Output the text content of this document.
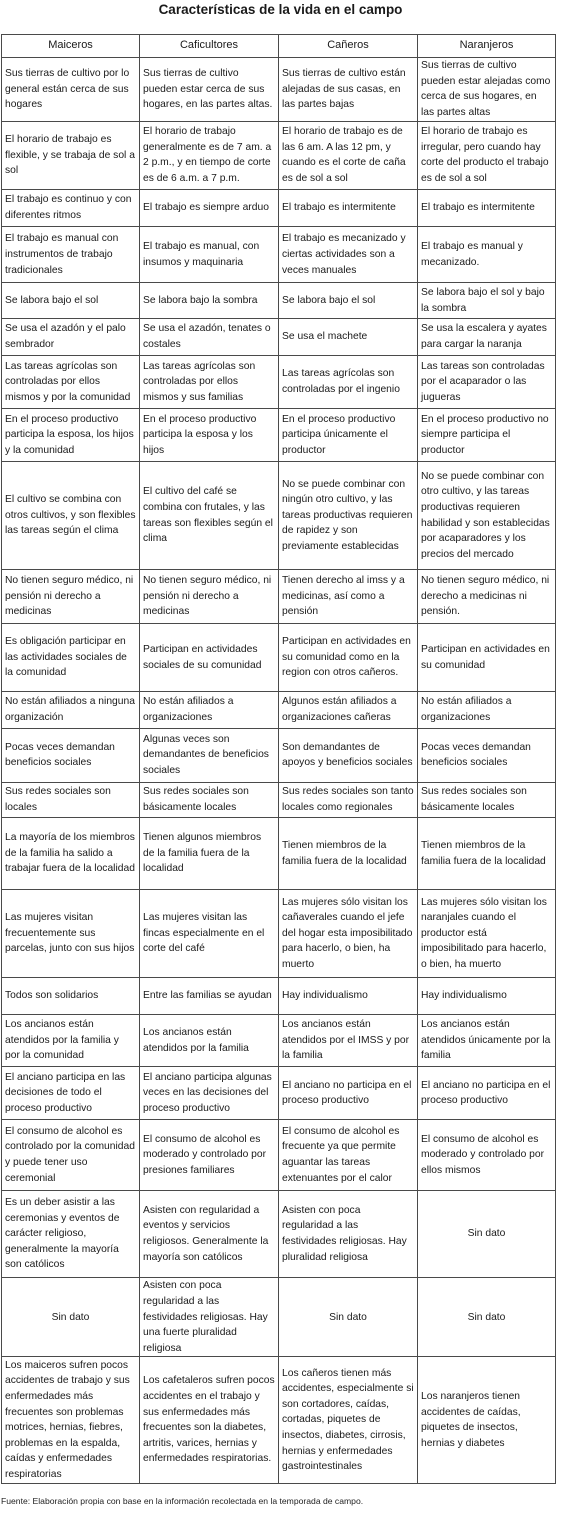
Características de la vida en el campo
Maiceros	Caficultores	Cañeros	Naranjeros
Sus tierras de cultivo por lo general están cerca de sus hogares	Sus tierras de cultivo pueden estar cerca de sus hogares, en las partes altas.	Sus tierras de cultivo están alejadas de sus casas, en las partes bajas	Sus tierras de cultivo pueden estar alejadas como cerca de sus hogares, en las partes altas
El horario de trabajo es flexible, y se trabaja de sol a sol	El horario de trabajo generalmente es de 7 am. a 2 p.m., y en tiempo de corte es de 6 a.m. a 7 p.m.	El horario de trabajo es de las 6 am. A las 12 pm, y cuando es el corte de caña es de sol a sol	El horario de trabajo es irregular, pero cuando hay corte del producto el trabajo es de sol a sol
El trabajo es continuo y con diferentes ritmos	El trabajo es siempre arduo	El trabajo es intermitente	El trabajo es intermitente
El trabajo es manual con instrumentos de trabajo tradicionales	El trabajo es manual, con insumos y maquinaria	El trabajo es mecanizado y ciertas actividades son a veces manuales	El trabajo es manual y mecanizado.
Se labora bajo el sol	Se labora bajo la sombra	Se labora bajo el sol	Se labora bajo el sol y bajo la sombra
Se usa el azadón y el palo sembrador	Se usa el azadón, tenates o costales	Se usa el machete	Se usa la escalera y ayates para cargar la naranja
Las tareas agrícolas son controladas por ellos mismos y por la comunidad	Las tareas agrícolas son controladas por ellos mismos y sus familias	Las tareas agrícolas son controladas por el ingenio	Las tareas son controladas por el acaparador o las jugueras
En el proceso productivo participa la esposa, los hijos y la comunidad	En el proceso productivo participa la esposa y los hijos	En el proceso productivo participa únicamente el productor	En el proceso productivo no siempre participa el productor
El cultivo se combina con otros cultivos, y son flexibles las tareas según el clima	El cultivo del café se combina con frutales, y las tareas son flexibles según el clima	No se puede combinar con ningún otro cultivo, y las tareas productivas requieren de rapidez y son previamente establecidas	No se puede combinar con otro cultivo, y las tareas productivas requieren habilidad y son establecidas por acaparadores y los precios del mercado
No tienen seguro médico, ni pensión ni derecho a medicinas	No tienen seguro médico, ni pensión ni derecho a medicinas	Tienen derecho al imss y a medicinas, así como a pensión	No tienen seguro médico, ni derecho a medicinas ni pensión.
Es obligación participar en las actividades sociales de la comunidad	Participan en actividades sociales de su comunidad	Participan en actividades en su comunidad como en la region con otros cañeros.	Participan en actividades en su comunidad
No están afiliados a ninguna organización	No están afiliados a organizaciones	Algunos están afiliados a organizaciones cañeras	No están afiliados a organizaciones
Pocas veces demandan beneficios sociales	Algunas veces son demandantes de beneficios sociales	Son demandantes de apoyos y beneficios sociales	Pocas veces demandan beneficios sociales
Sus redes sociales son locales	Sus redes sociales son básicamente locales	Sus redes sociales son tanto locales como regionales	Sus redes sociales son básicamente locales
La mayoría de los miembros de la familia ha salido a trabajar fuera de la localidad	Tienen algunos miembros de la familia fuera de la localidad	Tienen miembros de la familia fuera de la localidad	Tienen miembros de la familia fuera de la localidad
Las mujeres visitan frecuentemente sus parcelas, junto con sus hijos	Las mujeres visitan las fincas especialmente en el corte del café	Las mujeres sólo visitan los cañaverales cuando el jefe del hogar esta imposibilitado para hacerlo, o bien, ha muerto	Las mujeres sólo visitan los naranjales cuando el productor está imposibilitado para hacerlo, o bien, ha muerto
Todos son solidarios	Entre las familias se ayudan	Hay individualismo	Hay individualismo
Los ancianos están atendidos por la familia y por la comunidad	Los ancianos están atendidos por la familia	Los ancianos están atendidos por el IMSS y por la familia	Los ancianos están atendidos únicamente por la familia
El anciano participa en las decisiones de todo el proceso productivo	El anciano participa algunas veces en las decisiones del proceso productivo	El anciano no participa en el proceso productivo	El anciano no participa en el proceso productivo
El consumo de alcohol es controlado por la comunidad y puede tener uso ceremonial	El consumo de alcohol es moderado y controlado por presiones familiares	El consumo de alcohol es frecuente ya que permite aguantar las tareas extenuantes por el calor	El consumo de alcohol es moderado y controlado por ellos mismos
Es un deber asistir a las ceremonias y eventos de carácter religioso, generalmente la mayoría son católicos	Asisten con regularidad a eventos y servicios religiosos. Generalmente la mayoría son católicos	Asisten con poca regularidad a las festividades religiosas. Hay pluralidad religiosa	Sin dato
Sin dato	Asisten con poca regularidad a las festividades religiosas. Hay una fuerte pluralidad religiosa	Sin dato	Sin dato
Los maiceros sufren pocos accidentes de trabajo y sus enfermedades más frecuentes son problemas motrices, hernias, fiebres, problemas en la espalda, caídas y enfermedades respiratorias	Los cafetaleros sufren pocos accidentes en el trabajo y sus enfermedades más frecuentes son la diabetes, artritis, varices, hernias y enfermedades respiratorias.	Los cañeros tienen más accidentes, especialmente si son cortadores, caídas, cortadas, piquetes de insectos, diabetes, cirrosis, hernias y enfermedades gastrointestinales	Los naranjeros tienen accidentes de caídas, piquetes de insectos, hernias y diabetes
Fuente: Elaboración propia con base en la información recolectada en la temporada de campo.
